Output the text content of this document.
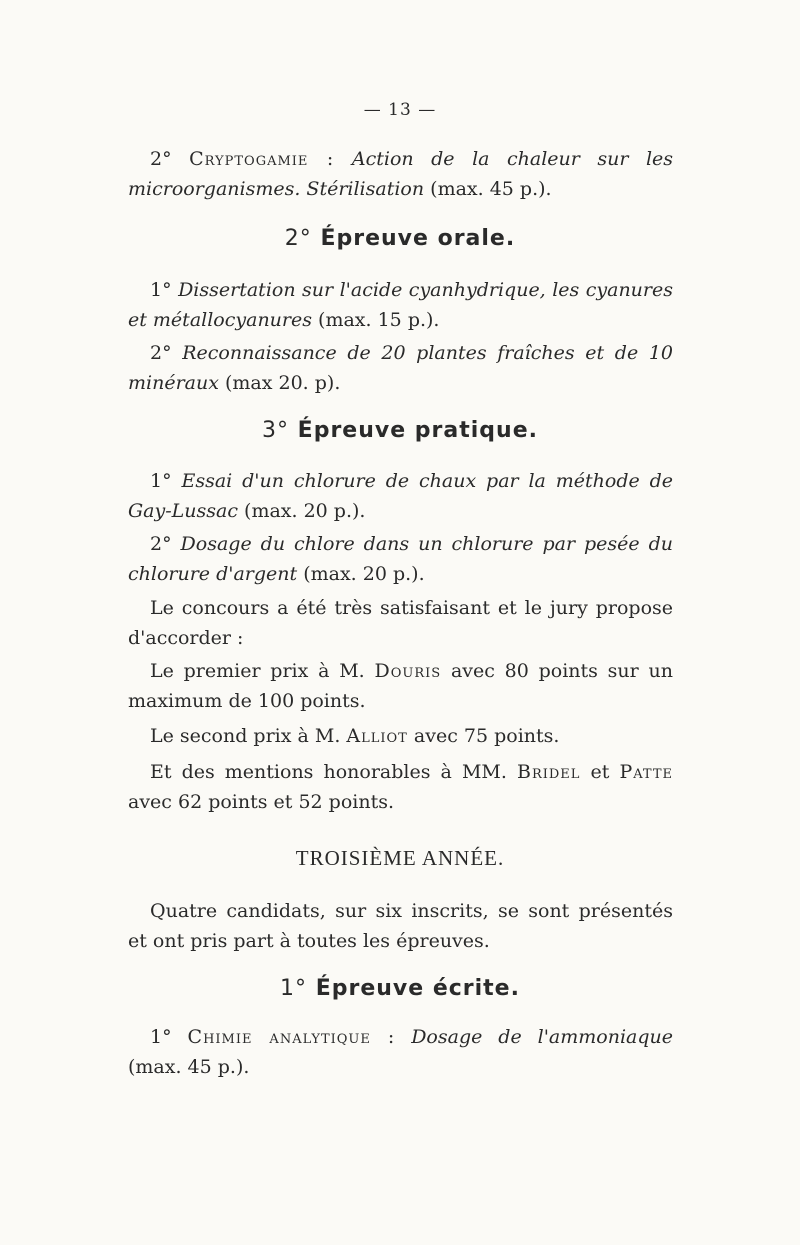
— 13 —

2° Cryptogamie : Action de la chaleur sur les microorganismes. Stérilisation (max. 45 p.).

2° Épreuve orale.

1° Dissertation sur l'acide cyanhydrique, les cyanures et métallocyanures (max. 15 p.).

2° Reconnaissance de 20 plantes fraîches et de 10 minéraux (max 20. p).

3° Épreuve pratique.

1° Essai d'un chlorure de chaux par la méthode de Gay-Lussac (max. 20 p.).

2° Dosage du chlore dans un chlorure par pesée du chlorure d'argent (max. 20 p.).

Le concours a été très satisfaisant et le jury propose d'accorder :

Le premier prix à M. Douris avec 80 points sur un maximum de 100 points.

Le second prix à M. Alliot avec 75 points.

Et des mentions honorables à MM. Bridel et Patte avec 62 points et 52 points.

TROISIÈME ANNÉE.

Quatre candidats, sur six inscrits, se sont présentés et ont pris part à toutes les épreuves.

1° Épreuve écrite.

1° Chimie analytique : Dosage de l'ammoniaque (max. 45 p.).
